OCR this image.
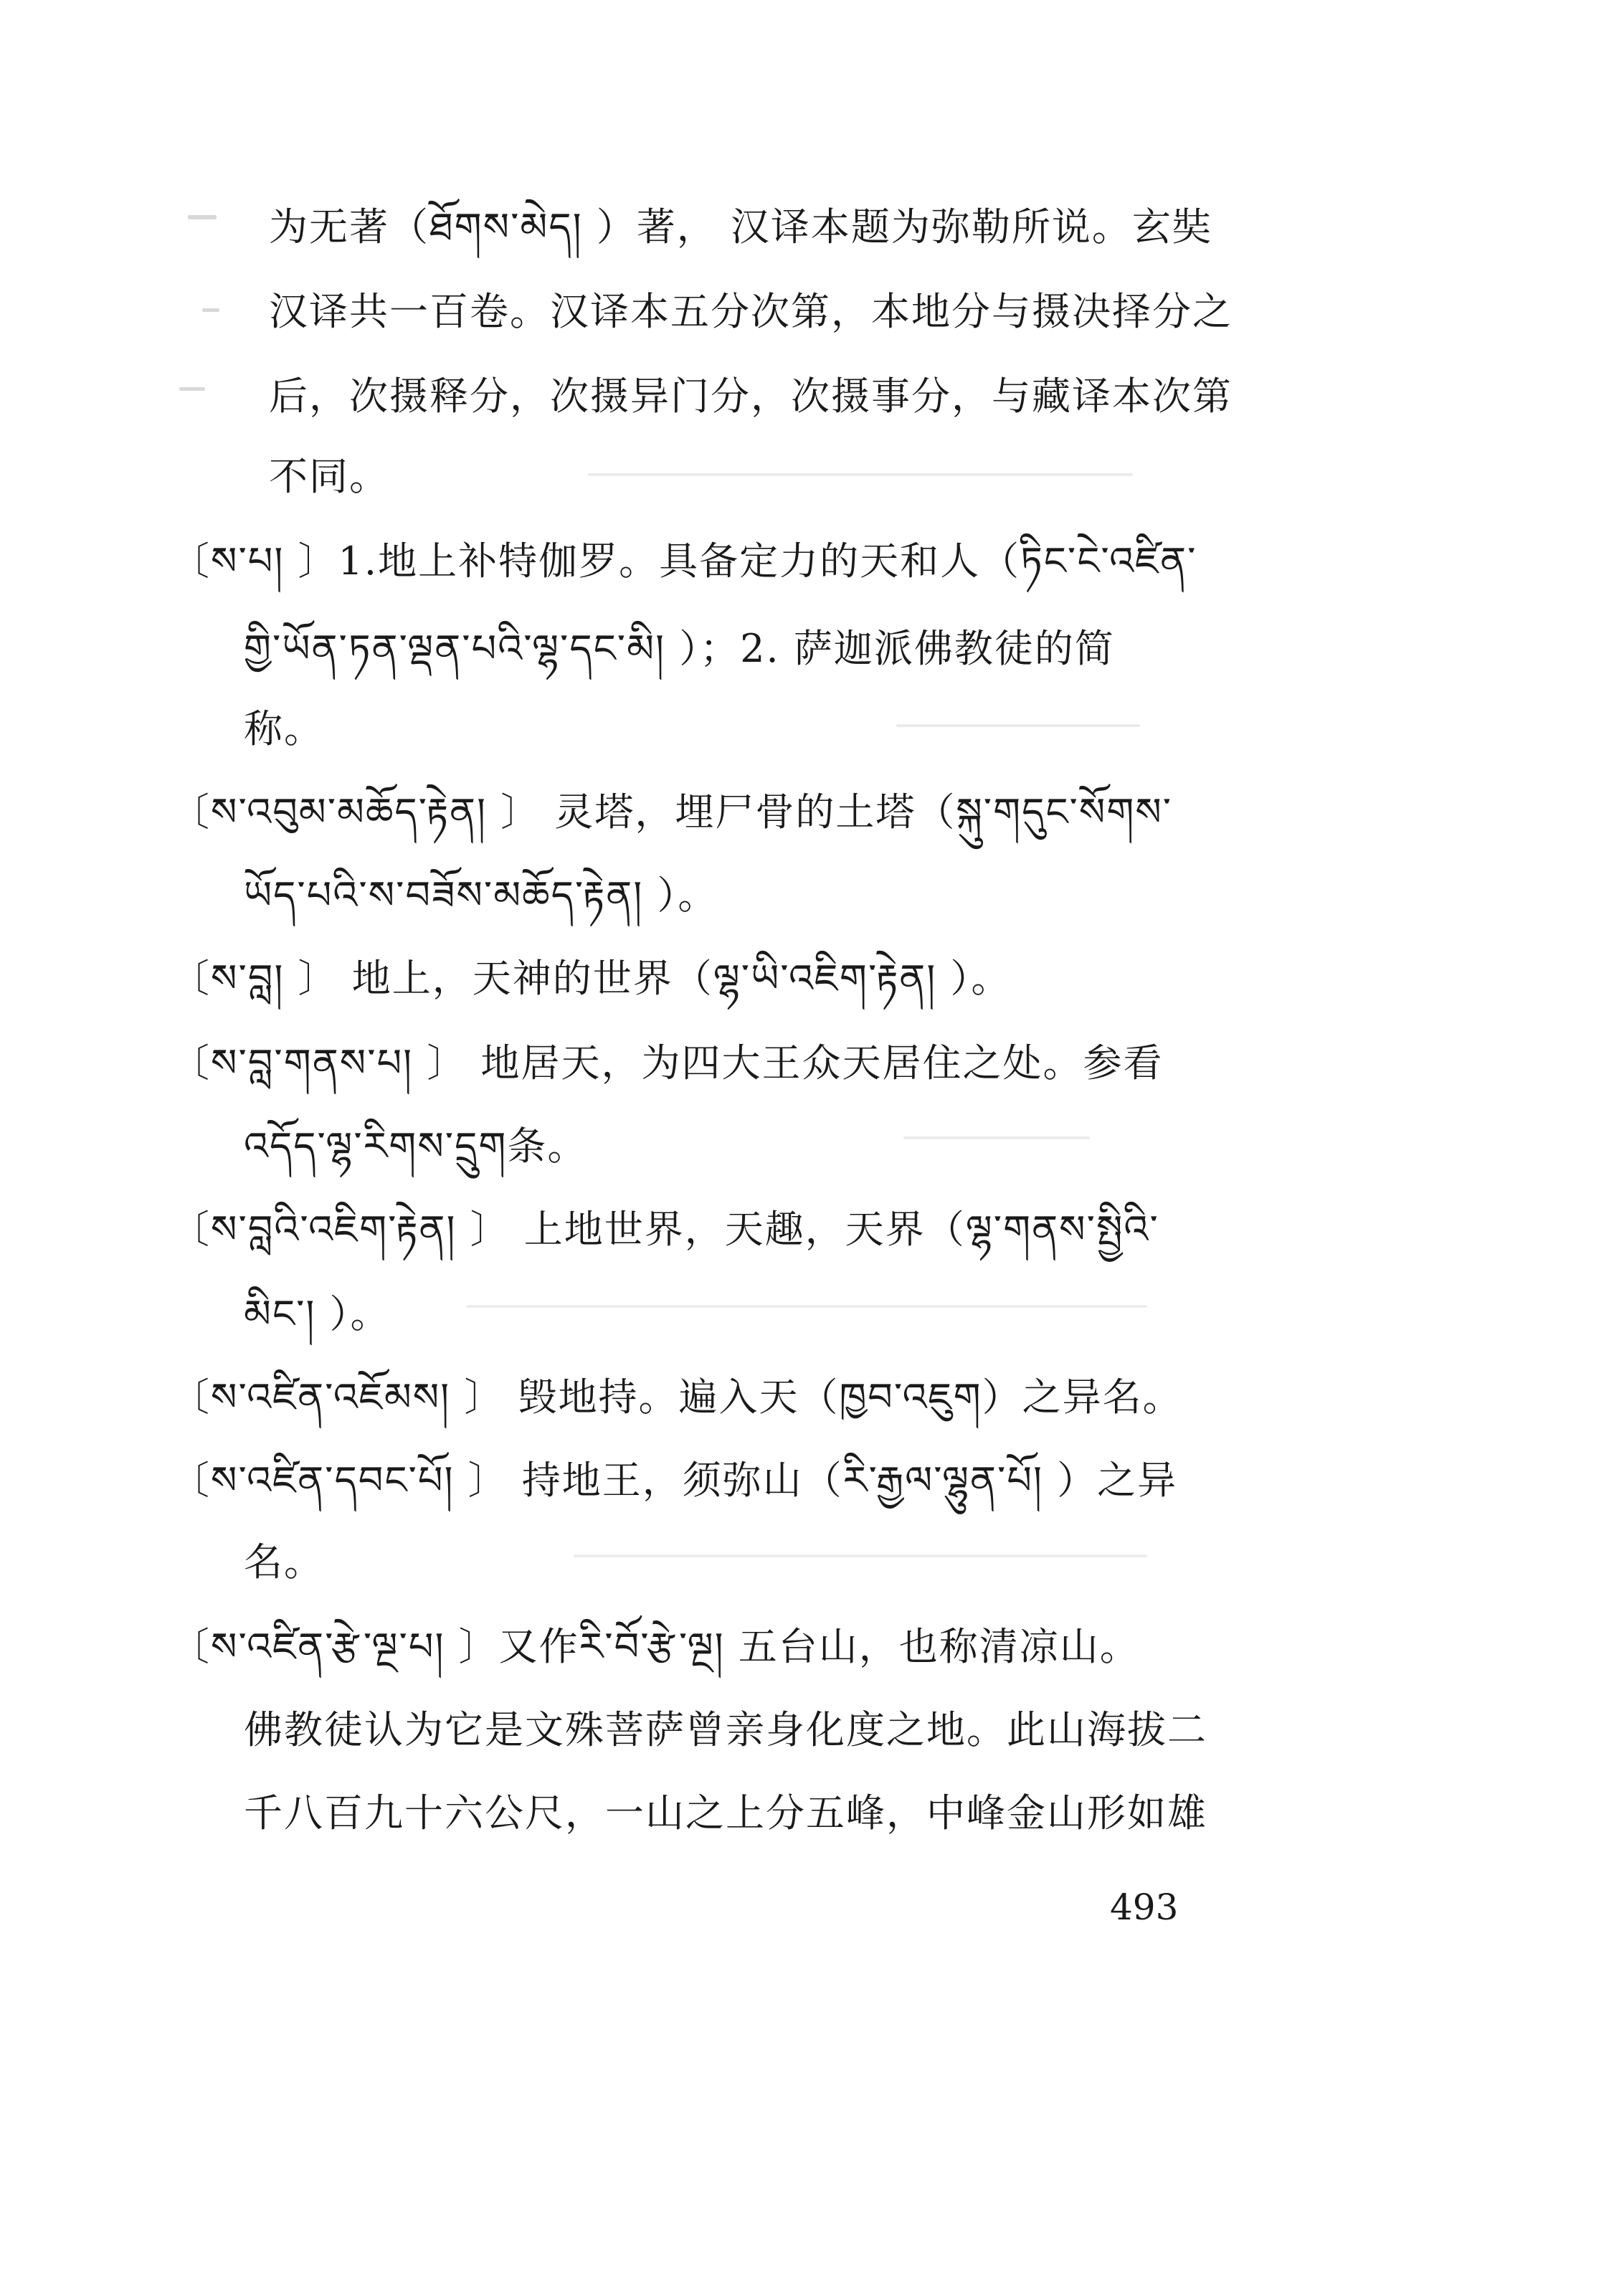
为无著（ཐོགས་མེད། ）著， 汉译本题为弥勒所说。玄奘
汉译共一百卷。汉译本五分次第，本地分与摄决择分之
后，次摄释分，次摄异门分，次摄事分，与藏译本次第
不同。
〔ས་པ། 〕1.地上补特伽罗。具备定力的天和人（ཏིང་ངེ་འཛིན་
གྱི་ཡོན་ཏན་ལྡན་པའི་ལྷ་དང་མི། ）；2. 萨迦派佛教徒的简
称。
〔ས་འབུམ་མཆོད་རྟེན། 〕 灵塔，埋尸骨的土塔（སྐུ་གདུང་སོགས་
ཡོད་པའི་ས་བཟོས་མཆོད་རྟེན། ）。
〔ས་བླ། 〕 地上，天神的世界（ལྷ་ཡི་འཇིག་རྟེན། ）。
〔ས་བླ་གནས་པ། 〕 地居天，为四大王众天居住之处。参看
འདོད་ལྷ་རིགས་དྲུག条。
〔ས་བླའི་འཇིག་རྟེན། 〕 上地世界，天趣，天界（ལྷ་གནས་སྤྱིའི་
མིང་། ）。
〔ས་འཛིན་འཇོམས། 〕 毁地持。遍入天（ཁྱབ་འཇུག）之异名。
〔ས་འཛིན་དབང་པོ། 〕 持地王，须弥山（རི་རྒྱལ་ལྷུན་པོ། ）之异
名。
〔ས་འཛིན་རྩེ་ལྔ་པ། 〕又作རི་བོ་རྩེ་ལྔ། 五台山，也称清凉山。
佛教徒认为它是文殊菩萨曾亲身化度之地。此山海拔二
千八百九十六公尺，一山之上分五峰，中峰金山形如雄
493
